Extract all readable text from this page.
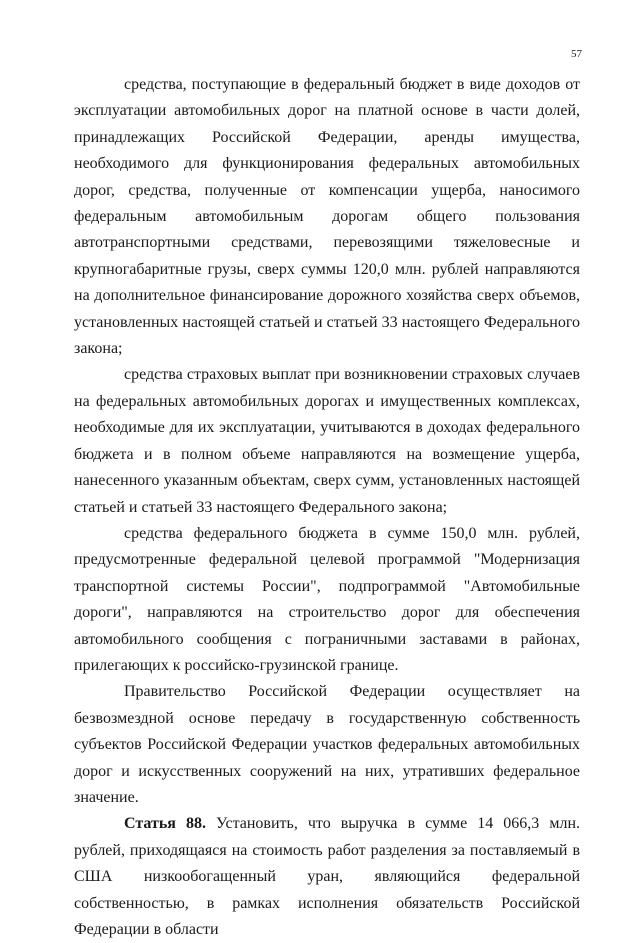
57

средства, поступающие в федеральный бюджет в виде доходов от эксплуатации автомобильных дорог на платной основе в части долей, принадлежащих Российской Федерации, аренды имущества, необходимого для функционирования федеральных автомобильных дорог, средства, полученные от компенсации ущерба, наносимого федеральным автомобильным дорогам общего пользования автотранспортными средствами, перевозящими тяжеловесные и крупногабаритные грузы, сверх суммы 120,0 млн. рублей направляются на дополнительное финансирование дорожного хозяйства сверх объемов, установленных настоящей статьей и статьей 33 настоящего Федерального закона;

средства страховых выплат при возникновении страховых случаев на федеральных автомобильных дорогах и имущественных комплексах, необходимые для их эксплуатации, учитываются в доходах федерального бюджета и в полном объеме направляются на возмещение ущерба, нанесенного указанным объектам, сверх сумм, установленных настоящей статьей и статьей 33 настоящего Федерального закона;

средства федерального бюджета в сумме 150,0 млн. рублей, предусмотренные федеральной целевой программой "Модернизация транспортной системы России", подпрограммой "Автомобильные дороги", направляются на строительство дорог для обеспечения автомобильного сообщения с пограничными заставами в районах, прилегающих к российско-грузинской границе.

Правительство Российской Федерации осуществляет на безвозмездной основе передачу в государственную собственность субъектов Российской Федерации участков федеральных автомобильных дорог и искусственных сооружений на них, утративших федеральное значение.

Статья 88. Установить, что выручка в сумме 14 066,3 млн. рублей, приходящаяся на стоимость работ разделения за поставляемый в США низкообогащенный уран, являющийся федеральной собственностью, в рамках исполнения обязательств Российской Федерации в области
